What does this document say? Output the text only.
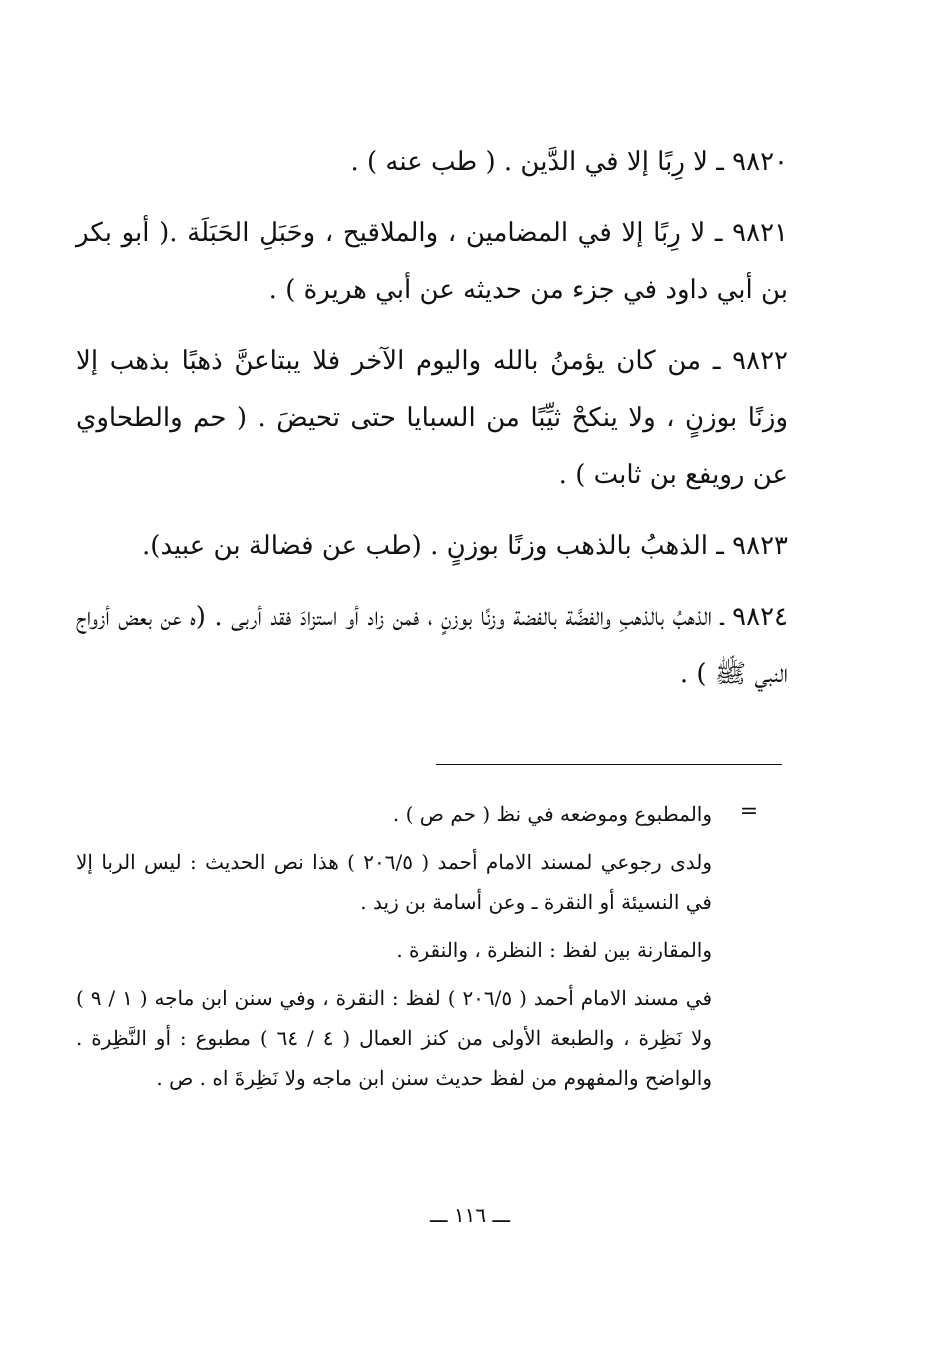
٩٨٢٠ ـ لا رِبًا إلا في الدَّين . ( طب عنه ) .

٩٨٢١ ـ لا رِبًا إلا في المضامين ، والملاقيح ، وحَبَلِ الحَبَلَة .( أبو بكر بن أبي داود في جزء من حديثه عن أبي هريرة ) .

٩٨٢٢ ـ من كان يؤمنُ بالله واليوم الآخر فلا يبتاعنَّ ذهبًا بذهب إلا وزنًا بوزنٍ ، ولا ينكحْ ثيِّبًا من السبايا حتى تحيضَ . ( حم والطحاوي عن رويفع بن ثابت ) .

٩٨٢٣ ـ الذهبُ بالذهب وزنًا بوزنٍ . (طب عن فضالة بن عبيد).

٩٨٢٤ ـ الذهبُ بالذهبِ والفضَّة بالفضة وزنًا بوزنٍ ، فمن زاد أو استزادَ فقد أربى . (ه عن بعض أزواج النبي ﷺ ) .

=

والمطبوع وموضعه في نظ ( حم ص ) .

ولدى رجوعي لمسند الامام أحمد ( ٢٠٦/٥ ) هذا نص الحديث : ليس الربا إلا في النسيئة أو النقرة ـ وعن أسامة بن زيد .

والمقارنة بين لفظ : النظرة ، والنقرة .

في مسند الامام أحمد ( ٢٠٦/٥ ) لفظ : النقرة ، وفي سنن ابن ماجه ( ١ / ٩ ) ولا نَظِرة ، والطبعة الأولى من كنز العمال ( ٤ / ٦٤ ) مطبوع : أو النَّظِرة . والواضح والمفهوم من لفظ حديث سنن ابن ماجه ولا نَظِرةَ اه . ص .

ـــ ١١٦ ـــ
